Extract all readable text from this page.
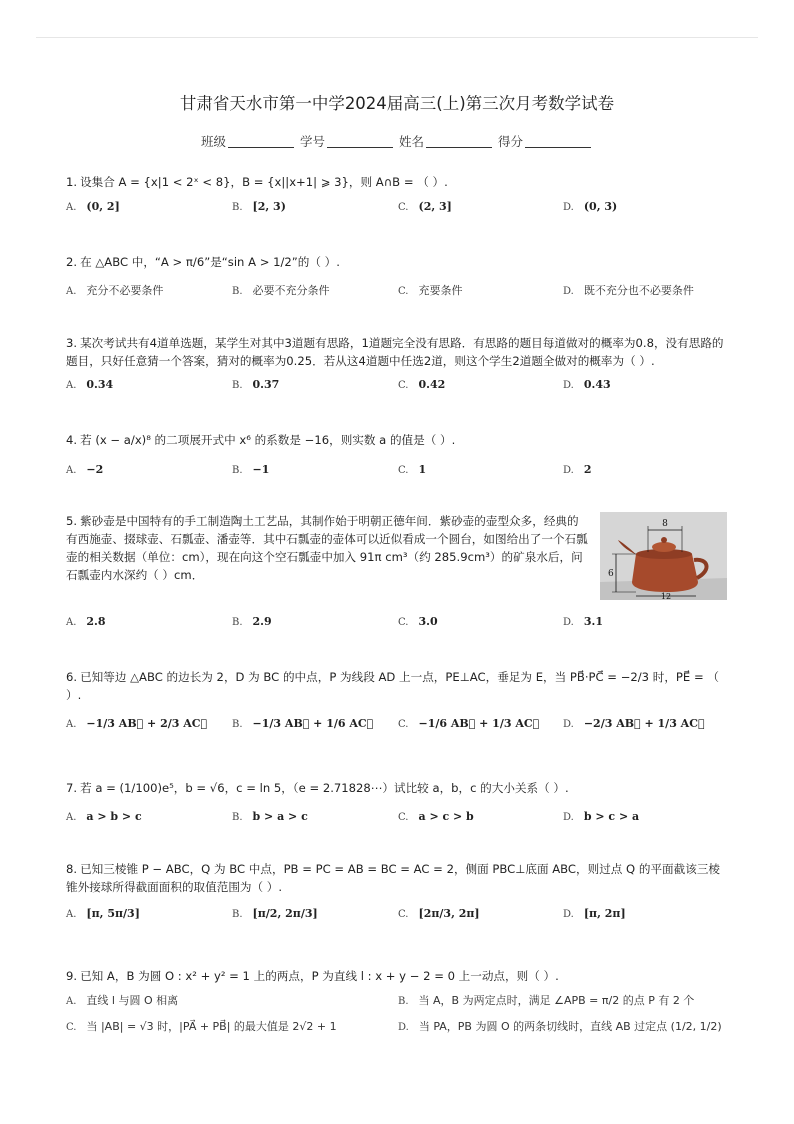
甘肃省天水市第一中学2024届高三(上)第三次月考数学试卷
班级	学号	姓名	得分
1. 设集合 A = {x|1 < 2ˣ < 8}，B = {x||x+1| ⩾ 3}，则 A∩B = （ ）.
A. (0, 2]	B. [2, 3)	C. (2, 3]	D. (0, 3)
2. 在 △ABC 中，“A > π/6”是“sin A > 1/2”的（ ）.
A. 充分不必要条件	B. 必要不充分条件	C. 充要条件	D. 既不充分也不必要条件
3. 某次考试共有4道单选题，某学生对其中3道题有思路，1道题完全没有思路．有思路的题目每道做对的概率为0.8，没有思路的题目，只好任意猜一个答案，猜对的概率为0.25．若从这4道题中任选2道，则这个学生2道题全做对的概率为（ ）.
A. 0.34	B. 0.37	C. 0.42	D. 0.43
4. 若 (x − a/x)⁸ 的二项展开式中 x⁶ 的系数是 −16，则实数 a 的值是（ ）.
A. −2	B. −1	C. 1	D. 2
5. 紫砂壶是中国特有的手工制造陶土工艺品，其制作始于明朝正德年间．紫砂壶的壶型众多，经典的有西施壶、掇球壶、石瓢壶、潘壶等．其中石瓢壶的壶体可以近似看成一个圆台，如图给出了一个石瓢壶的相关数据（单位：cm），现在向这个空石瓢壶中加入 91π cm³（约 285.9cm³）的矿泉水后，问石瓢壶内水深约（ ）cm．
8
6
12
A. 2.8	B. 2.9	C. 3.0	D. 3.1
6. 已知等边 △ABC 的边长为 2，D 为 BC 的中点，P 为线段 AD 上一点，PE⊥AC，垂足为 E，当 PB⃗·PC⃗ = −2/3 时，PE⃗ = （ ）.
A. −1/3 AB⃗ + 2/3 AC⃗ B. −1/3 AB⃗ + 1/6 AC⃗ C. −1/6 AB⃗ + 1/3 AC⃗ D. −2/3 AB⃗ + 1/3 AC⃗
7. 若 a = (1/100)e⁵，b = √6，c = ln 5，（e = 2.71828⋯）试比较 a，b，c 的大小关系（ ）.
A. a > b > c	B. b > a > c	C. a > c > b	D. b > c > a
8. 已知三棱锥 P − ABC，Q 为 BC 中点，PB = PC = AB = BC = AC = 2，侧面 PBC⊥底面 ABC，则过点 Q 的平面截该三棱锥外接球所得截面面积的取值范围为（ ）.
A. [π, 5π/3]	B. [π/2, 2π/3]	C. [2π/3, 2π]	D. [π, 2π]
9. 已知 A，B 为圆 O : x² + y² = 1 上的两点，P 为直线 l : x + y − 2 = 0 上一动点，则（ ）.
A. 直线 l 与圆 O 相离	B. 当 A，B 为两定点时，满足 ∠APB = π/2 的点 P 有 2 个
C. 当 |AB| = √3 时，|PA⃗ + PB⃗| 的最大值是 2√2 + 1	D. 当 PA，PB 为圆 O 的两条切线时，直线 AB 过定点 (1/2, 1/2)
